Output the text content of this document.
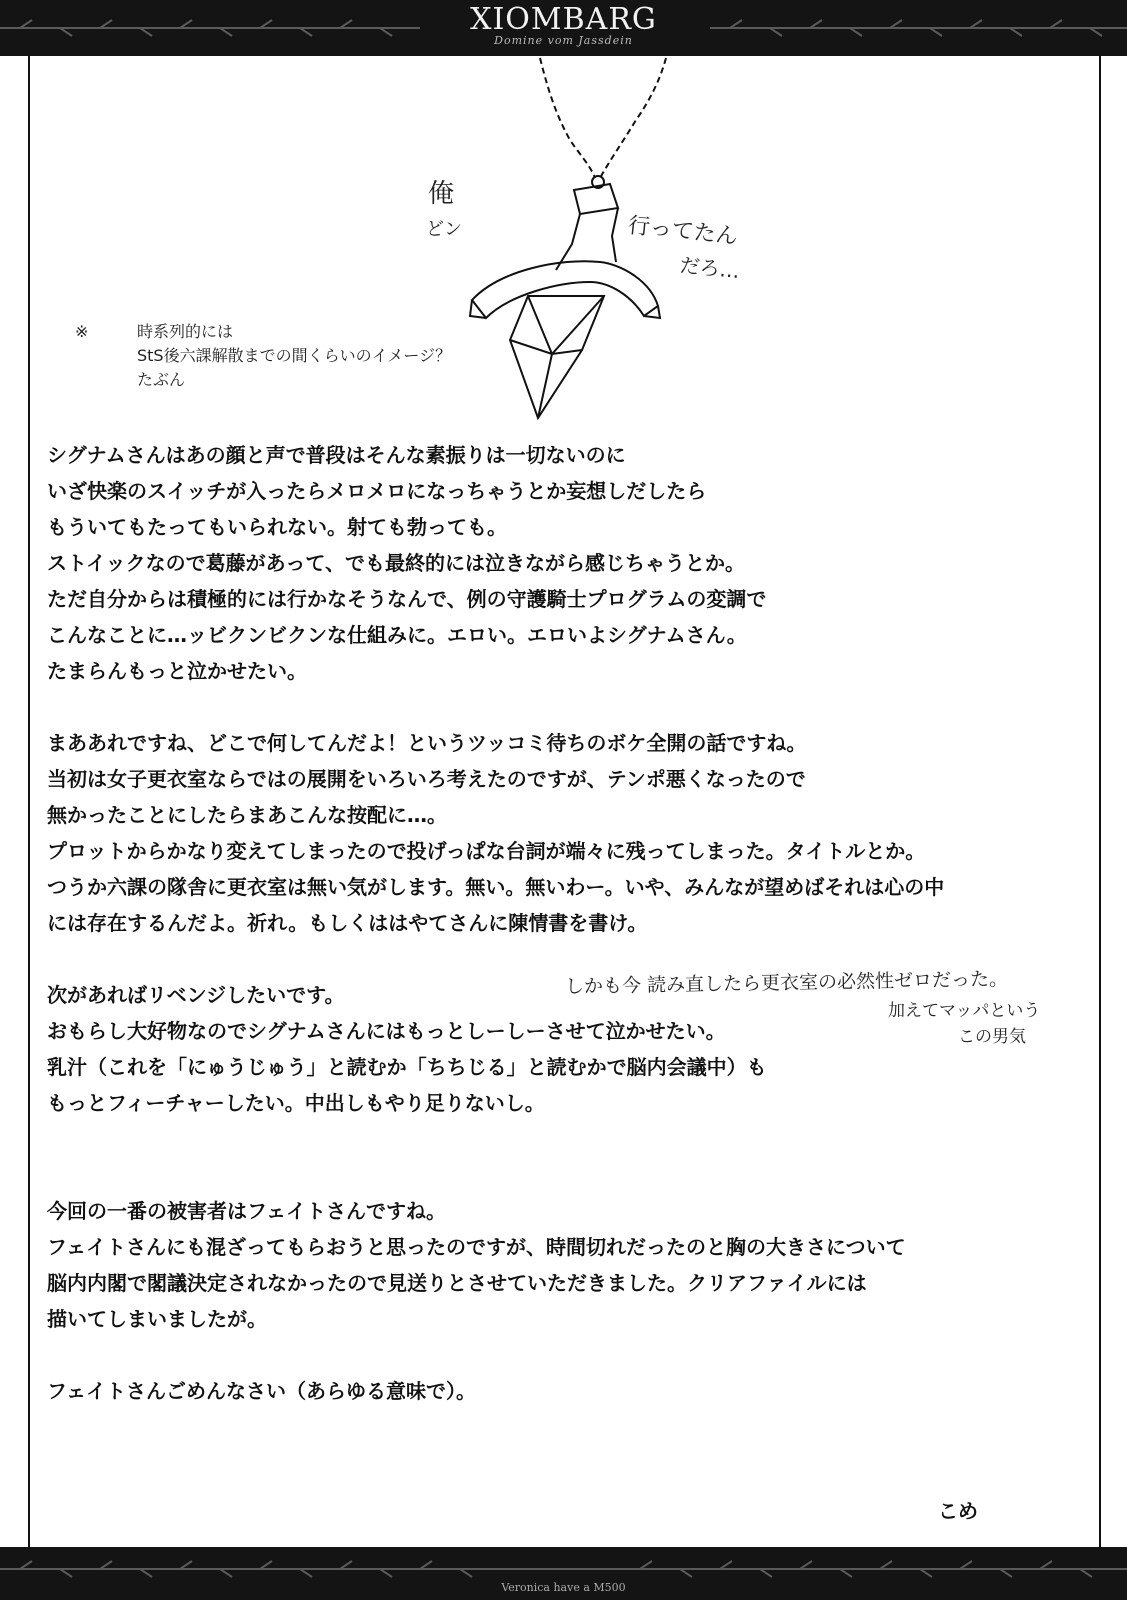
XIOMBARG
Domine vom Jassdein
俺
どン	行ってたん
だろ…
※	時系列的には
StS後六課解散までの間くらいのイメージ？
たぶん
シグナムさんはあの顔と声で普段はそんな素振りは一切ないのに
いざ快楽のスイッチが入ったらメロメロになっちゃうとか妄想しだしたら
もういてもたってもいられない。射ても勃っても。
ストイックなので葛藤があって、でも最終的には泣きながら感じちゃうとか。
ただ自分からは積極的には行かなそうなんで、例の守護騎士プログラムの変調で
こんなことに…ッビクンビクンな仕組みに。エロい。エロいよシグナムさん。
たまらんもっと泣かせたい。
まああれですね、どこで何してんだよ！というツッコミ待ちのボケ全開の話ですね。
当初は女子更衣室ならではの展開をいろいろ考えたのですが、テンポ悪くなったので
無かったことにしたらまあこんな按配に…。
プロットからかなり変えてしまったので投げっぱな台詞が端々に残ってしまった。タイトルとか。
つうか六課の隊舎に更衣室は無い気がします。無い。無いわー。いや、みんなが望めばそれは心の中
には存在するんだよ。祈れ。もしくははやてさんに陳情書を書け。
次があればリベンジしたいです。
おもらし大好物なのでシグナムさんにはもっとしーしーさせて泣かせたい。
乳汁（これを「にゅうじゅう」と読むか「ちちじる」と読むかで脳内会議中）も
もっとフィーチャーしたい。中出しもやり足りないし。
今回の一番の被害者はフェイトさんですね。
フェイトさんにも混ざってもらおうと思ったのですが、時間切れだったのと胸の大きさについて
脳内内閣で閣議決定されなかったので見送りとさせていただきました。クリアファイルには
描いてしまいましたが。
フェイトさんごめんなさい（あらゆる意味で）。
しかも今 読み直したら更衣室の必然性ゼロだった。
加えてマッパという
この男気
こめ
Veronica have a M500
